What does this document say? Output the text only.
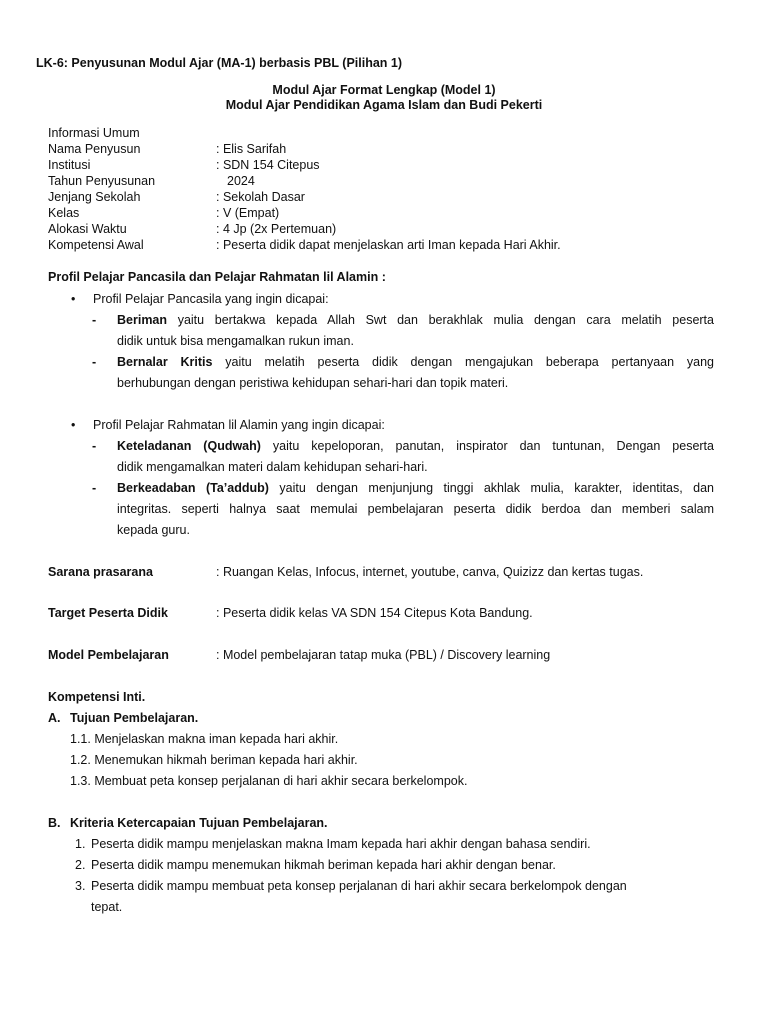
LK-6: Penyusunan Modul Ajar (MA-1) berbasis PBL (Pilihan 1)
Modul Ajar Format Lengkap (Model 1)
Modul Ajar Pendidikan Agama Islam dan Budi Pekerti
Informasi Umum
Nama Penyusun	: Elis Sarifah
Institusi	: SDN 154 Citepus
Tahun Penyusunan	2024
Jenjang Sekolah	: Sekolah Dasar
Kelas	: V (Empat)
Alokasi Waktu	: 4 Jp (2x Pertemuan)
Kompetensi Awal	: Peserta didik dapat menjelaskan arti Iman kepada Hari Akhir.
Profil Pelajar Pancasila dan Pelajar Rahmatan lil Alamin :
• Profil Pelajar Pancasila yang ingin dicapai:
- Beriman yaitu bertakwa kepada Allah Swt dan berakhlak mulia dengan cara melatih peserta
didik untuk bisa mengamalkan rukun iman.
- Bernalar Kritis yaitu melatih peserta didik dengan mengajukan beberapa pertanyaan yang
berhubungan dengan peristiwa kehidupan sehari-hari dan topik materi.
• Profil Pelajar Rahmatan lil Alamin yang ingin dicapai:
- Keteladanan (Qudwah) yaitu kepeloporan, panutan, inspirator dan tuntunan, Dengan peserta
didik mengamalkan materi dalam kehidupan sehari-hari.
- Berkeadaban (Ta’addub) yaitu dengan menjunjung tinggi akhlak mulia, karakter, identitas, dan
integritas. seperti halnya saat memulai pembelajaran peserta didik berdoa dan memberi salam
kepada guru.
Sarana prasarana	: Ruangan Kelas, Infocus, internet, youtube, canva, Quizizz dan kertas tugas.
Target Peserta Didik	: Peserta didik kelas VA SDN 154 Citepus Kota Bandung.
Model Pembelajaran	: Model pembelajaran tatap muka (PBL) / Discovery learning
Kompetensi Inti.
A. Tujuan Pembelajaran.
1.1. Menjelaskan makna iman kepada hari akhir.
1.2. Menemukan hikmah beriman kepada hari akhir.
1.3. Membuat peta konsep perjalanan di hari akhir secara berkelompok.
B. Kriteria Ketercapaian Tujuan Pembelajaran.
1. Peserta didik mampu menjelaskan makna Imam kepada hari akhir dengan bahasa sendiri.
2. Peserta didik mampu menemukan hikmah beriman kepada hari akhir dengan benar.
3. Peserta didik mampu membuat peta konsep perjalanan di hari akhir secara berkelompok dengan
tepat.
